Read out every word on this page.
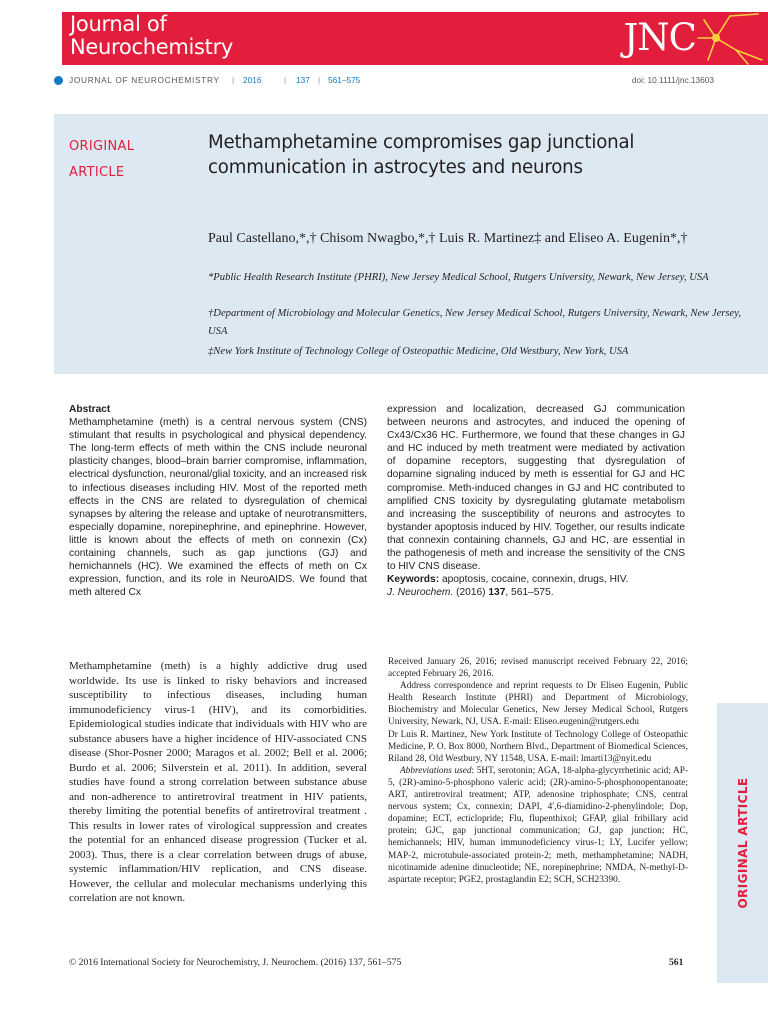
Journal of
Neurochemistry	JNC
JOURNAL OF NEUROCHEMISTRY | 2016	| 137 | 561–575	doi: 10.1111/jnc.13603
ORIGINAL
ARTICLE
Methamphetamine compromises gap junctional communication in astrocytes and neurons
Paul Castellano,*,† Chisom Nwagbo,*,† Luis R. Martinez‡ and Eliseo A. Eugenin*,†
*Public Health Research Institute (PHRI), New Jersey Medical School, Rutgers University, Newark, New Jersey, USA
†Department of Microbiology and Molecular Genetics, New Jersey Medical School, Rutgers University, Newark, New Jersey, USA
‡New York Institute of Technology College of Osteopathic Medicine, Old Westbury, New York, USA
Abstract
Methamphetamine (meth) is a central nervous system (CNS) stimulant that results in psychological and physical dependency. The long-term effects of meth within the CNS include neuronal plasticity changes, blood–brain barrier compromise, inflammation, electrical dysfunction, neuronal/glial toxicity, and an increased risk to infectious diseases including HIV. Most of the reported meth effects in the CNS are related to dysregulation of chemical synapses by altering the release and uptake of neurotransmitters, especially dopamine, norepinephrine, and epinephrine. However, little is known about the effects of meth on connexin (Cx) containing channels, such as gap junctions (GJ) and hemichannels (HC). We examined the effects of meth on Cx expression, function, and its role in NeuroAIDS. We found that meth altered Cx
expression and localization, decreased GJ communication between neurons and astrocytes, and induced the opening of Cx43/Cx36 HC. Furthermore, we found that these changes in GJ and HC induced by meth treatment were mediated by activation of dopamine receptors, suggesting that dysregulation of dopamine signaling induced by meth is essential for GJ and HC compromise. Meth-induced changes in GJ and HC contributed to amplified CNS toxicity by dysregulating glutamate metabolism and increasing the susceptibility of neurons and astrocytes to bystander apoptosis induced by HIV. Together, our results indicate that connexin containing channels, GJ and HC, are essential in the pathogenesis of meth and increase the sensitivity of the CNS to HIV CNS disease.
Keywords: apoptosis, cocaine, connexin, drugs, HIV.
J. Neurochem. (2016) 137, 561–575.
Methamphetamine (meth) is a highly addictive drug used worldwide. Its use is linked to risky behaviors and increased susceptibility to infectious diseases, including human immunodeficiency virus-1 (HIV), and its comorbidities. Epidemiological studies indicate that individuals with HIV who are substance abusers have a higher incidence of HIV-associated CNS disease (Shor-Posner 2000; Maragos et al. 2002; Bell et al. 2006; Burdo et al. 2006; Silverstein et al. 2011). In addition, several studies have found a strong correlation between substance abuse and non-adherence to antiretroviral treatment in HIV patients, thereby limiting the potential benefits of antiretroviral treatment . This results in lower rates of virological suppression and creates the potential for an enhanced disease progression (Tucker et al. 2003). Thus, there is a clear correlation between drugs of abuse, systemic inflammation/HIV replication, and CNS disease. However, the cellular and molecular mechanisms underlying this correlation are not known.

Received January 26, 2016; revised manuscript received February 22, 2016; accepted February 26, 2016.

Address correspondence and reprint requests to Dr Eliseo Eugenin, Public Health Research Institute (PHRI) and Department of Microbiology, Biochemistry and Molecular Genetics, New Jersey Medical School, Rutgers University, Newark, NJ, USA. E-mail: Eliseo.eugenin@rutgers.edu

Dr Luis R. Martinez, New York Institute of Technology College of Osteopathic Medicine, P. O. Box 8000, Northern Blvd., Department of Biomedical Sciences, Riland 28, Old Westbury, NY 11548, USA. E-mail: lmarti13@nyit.edu

Abbreviations used: 5HT, serotonin; AGA, 18-alpha-glycyrrhetinic acid; AP-5, (2R)-amino-5-phosphono valeric acid; (2R)-amino-5-phosphonopentanoate; ART, antiretroviral treatment; ATP, adenosine triphosphate; CNS, central nervous system; Cx, connexin; DAPI, 4′,6-diamidino-2-phenylindole; Dop, dopamine; ECT, ecticlopride; Flu, flupenthixol; GFAP, glial fribillary acid protein; GJC, gap junctional communication; GJ, gap junction; HC, hemichannels; HIV, human immunodeficiency virus-1; LY, Lucifer yellow; MAP-2, microtubule-associated protein-2; meth, methamphetamine; NADH, nicotinamide adenine dinucleotide; NE, norepinephrine; NMDA, N-methyl-D-aspartate receptor; PGE2, prostaglandin E2; SCH, SCH23390.	ORIGINAL ARTICLE
© 2016 International Society for Neurochemistry, J. Neurochem. (2016) 137, 561–575	561
